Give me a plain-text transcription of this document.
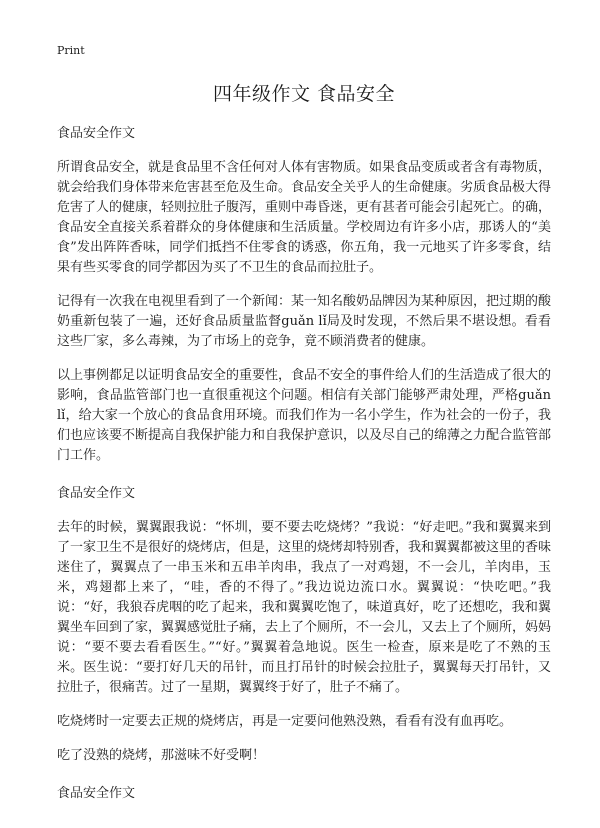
Print
四年级作文 食品安全

食品安全作文

所谓食品安全，就是食品里不含任何对人体有害物质。如果食品变质或者含有毒物质，就会给我们身体带来危害甚至危及生命。食品安全关乎人的生命健康。劣质食品极大得危害了人的健康，轻则拉肚子腹泻，重则中毒昏迷，更有甚者可能会引起死亡。的确，食品安全直接关系着群众的身体健康和生活质量。学校周边有许多小店，那诱人的“美食”发出阵阵香味，同学们抵挡不住零食的诱惑，你五角，我一元地买了许多零食，结果有些买零食的同学都因为买了不卫生的食品而拉肚子。

记得有一次我在电视里看到了一个新闻：某一知名酸奶品牌因为某种原因，把过期的酸奶重新包装了一遍，还好食品质量监督guǎn lǐ局及时发现，不然后果不堪设想。看看这些厂家，多么毒辣，为了市场上的竞争，竟不顾消费者的健康。

以上事例都足以证明食品安全的重要性，食品不安全的事件给人们的生活造成了很大的影响，食品监管部门也一直很重视这个问题。相信有关部门能够严肃处理，严格guǎn lǐ，给大家一个放心的食品食用环境。而我们作为一名小学生，作为社会的一份子，我们也应该要不断提高自我保护能力和自我保护意识，以及尽自己的绵薄之力配合监管部门工作。

食品安全作文

去年的时候，翼翼跟我说：“怀圳，要不要去吃烧烤？”我说：“好走吧。”我和翼翼来到了一家卫生不是很好的烧烤店，但是，这里的烧烤却特别香，我和翼翼都被这里的香味迷住了，翼翼点了一串玉米和五串羊肉串，我点了一对鸡翅，不一会儿，羊肉串，玉米，鸡翅都上来了，“哇，香的不得了。”我边说边流口水。翼翼说：“快吃吧。”我说：“好，我狼吞虎咽的吃了起来，我和翼翼吃饱了，味道真好，吃了还想吃，我和翼翼坐车回到了家，翼翼感觉肚子痛，去上了个厕所，不一会儿，又去上了个厕所，妈妈说：“要不要去看看医生。”“好。”翼翼着急地说。医生一检查，原来是吃了不熟的玉米。医生说：“要打好几天的吊针，而且打吊针的时候会拉肚子，翼翼每天打吊针，又拉肚子，很痛苦。过了一星期，翼翼终于好了，肚子不痛了。

吃烧烤时一定要去正规的烧烤店，再是一定要问他熟没熟，看看有没有血再吃。

吃了没熟的烧烤，那滋味不好受啊！

食品安全作文
